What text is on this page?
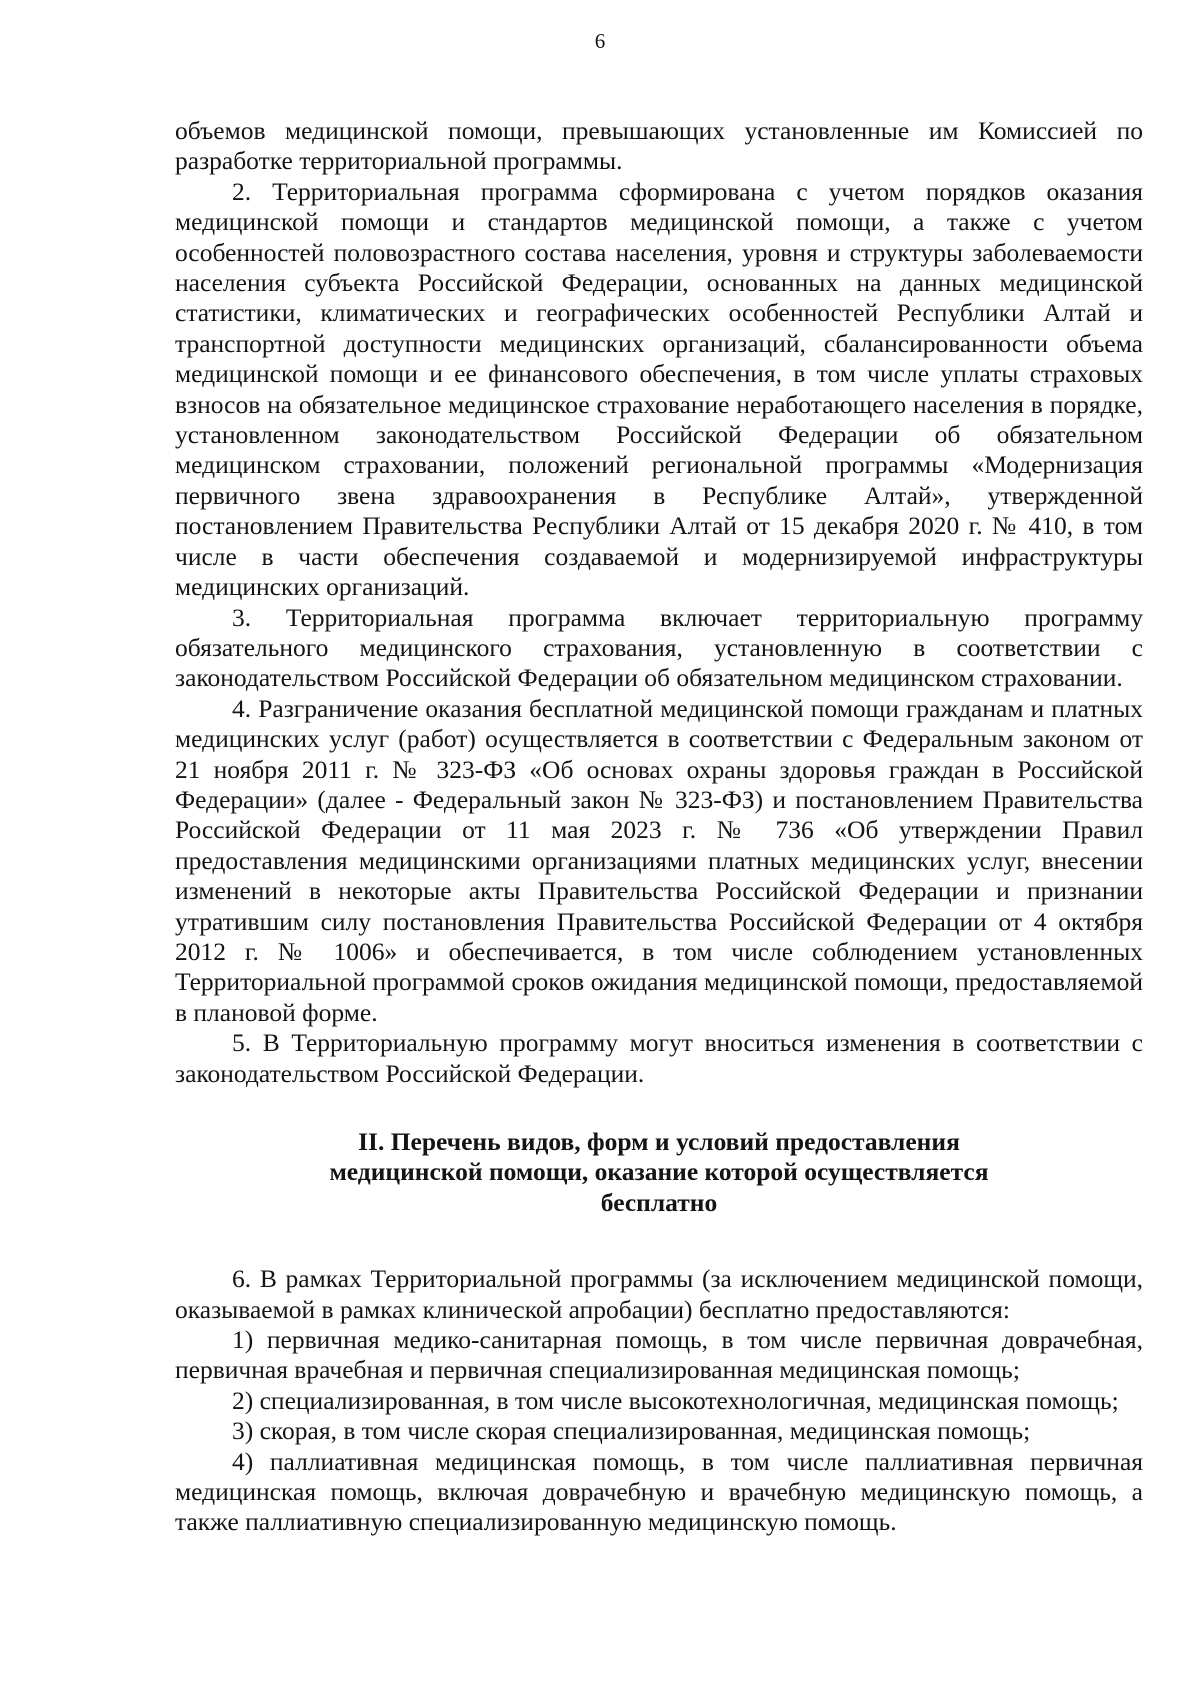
6

объемов медицинской помощи, превышающих установленные им Комиссией по разработке территориальной программы.

2. Территориальная программа сформирована с учетом порядков оказания медицинской помощи и стандартов медицинской помощи, а также с учетом особенностей половозрастного состава населения, уровня и структуры заболеваемости населения субъекта Российской Федерации, основанных на данных медицинской статистики, климатических и географических особенностей Республики Алтай и транспортной доступности медицинских организаций, сбалансированности объема медицинской помощи и ее финансового обеспечения, в том числе уплаты страховых взносов на обязательное медицинское страхование неработающего населения в порядке, установленном законодательством Российской Федерации об обязательном медицинском страховании, положений региональной программы «Модернизация первичного звена здравоохранения в Республике Алтай», утвержденной постановлением Правительства Республики Алтай от 15 декабря 2020 г. № 410, в том числе в части обеспечения создаваемой и модернизируемой инфраструктуры медицинских организаций.

3. Территориальная программа включает территориальную программу обязательного медицинского страхования, установленную в соответствии с законодательством Российской Федерации об обязательном медицинском страховании.

4. Разграничение оказания бесплатной медицинской помощи гражданам и платных медицинских услуг (работ) осуществляется в соответствии с Федеральным законом от 21 ноября 2011 г. № 323-ФЗ «Об основах охраны здоровья граждан в Российской Федерации» (далее - Федеральный закон № 323-ФЗ) и постановлением Правительства Российской Федерации от 11 мая 2023 г. № 736 «Об утверждении Правил предоставления медицинскими организациями платных медицинских услуг, внесении изменений в некоторые акты Правительства Российской Федерации и признании утратившим силу постановления Правительства Российской Федерации от 4 октября 2012 г. № 1006» и обеспечивается, в том числе соблюдением установленных Территориальной программой сроков ожидания медицинской помощи, предоставляемой в плановой форме.

5. В Территориальную программу могут вноситься изменения в соответствии с законодательством Российской Федерации.

II. Перечень видов, форм и условий предоставления
медицинской помощи, оказание которой осуществляется
бесплатно

6. В рамках Территориальной программы (за исключением медицинской помощи, оказываемой в рамках клинической апробации) бесплатно предоставляются:

1) первичная медико-санитарная помощь, в том числе первичная доврачебная, первичная врачебная и первичная специализированная медицинская помощь;

2) специализированная, в том числе высокотехнологичная, медицинская помощь;

3) скорая, в том числе скорая специализированная, медицинская помощь;

4) паллиативная медицинская помощь, в том числе паллиативная первичная медицинская помощь, включая доврачебную и врачебную медицинскую помощь, а также паллиативную специализированную медицинскую помощь.
